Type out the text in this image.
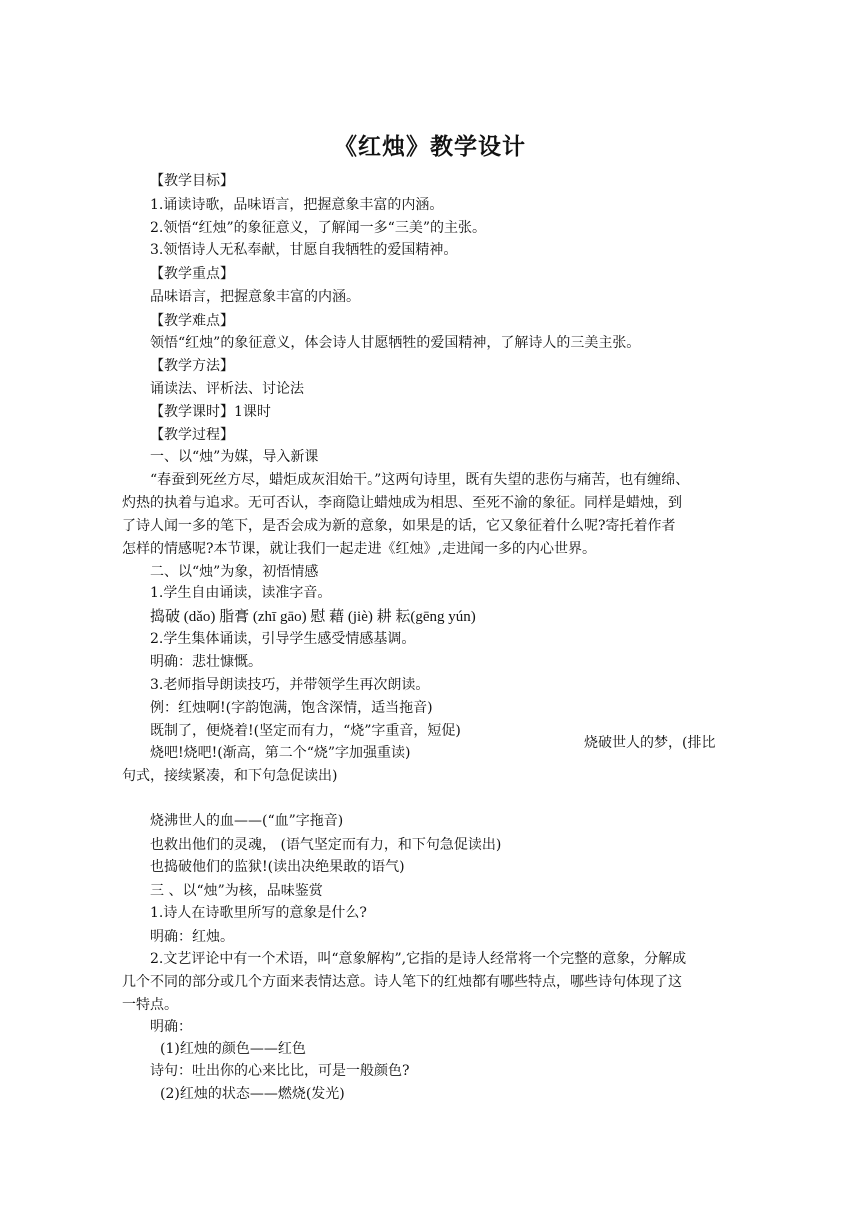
《红烛》教学设计
【教学目标】
1.诵读诗歌，品味语言，把握意象丰富的内涵。
2.领悟“红烛”的象征意义，了解闻一多“三美”的主张。
3.领悟诗人无私奉献，甘愿自我牺牲的爱国精神。
【教学重点】
品味语言，把握意象丰富的内涵。
【教学难点】
领悟“红烛”的象征意义，体会诗人甘愿牺牲的爱国精神，了解诗人的三美主张。
【教学方法】
诵读法、评析法、讨论法
【教学课时】1课时
【教学过程】
一、以“烛”为媒，导入新课
“春蚕到死丝方尽，蜡炬成灰泪始干。”这两句诗里，既有失望的悲伤与痛苦，也有缠绵、
灼热的执着与追求。无可否认，李商隐让蜡烛成为相思、至死不渝的象征。同样是蜡烛，到
了诗人闻一多的笔下，是否会成为新的意象，如果是的话，它又象征着什么呢?寄托着作者
怎样的情感呢?本节课，就让我们一起走进《红烛》,走进闻一多的内心世界。
二、以“烛”为象，初悟情感
1.学生自由诵读，读准字音。
捣破 (dǎo) 脂膏 (zhī gāo) 慰 藉 (jiè) 耕 耘(gēng yún)
2.学生集体诵读，引导学生感受情感基调。
明确：悲壮慷慨。
3.老师指导朗读技巧，并带领学生再次朗读。
例：红烛啊!(字韵饱满，饱含深情，适当拖音)
既制了，便烧着!(坚定而有力，“烧”字重音，短促)
烧吧!烧吧!(渐高，第二个“烧”字加强重读)
句式，接续紧凑，和下句急促读出)
烧沸世人的血——(“血”字拖音)
也救出他们的灵魂， (语气坚定而有力，和下句急促读出)
也捣破他们的监狱!(读出决绝果敢的语气)
三 、以“烛”为核，品味鉴赏
1.诗人在诗歌里所写的意象是什么?
明确：红烛。
2.文艺评论中有一个术语，叫“意象解构”,它指的是诗人经常将一个完整的意象，分解成
几个不同的部分或几个方面来表情达意。诗人笔下的红烛都有哪些特点，哪些诗句体现了这
一特点。
明确：
(1)红烛的颜色——红色
诗句：吐出你的心来比比，可是一般颜色?
(2)红烛的状态——燃烧(发光)
烧破世人的梦，(排比
